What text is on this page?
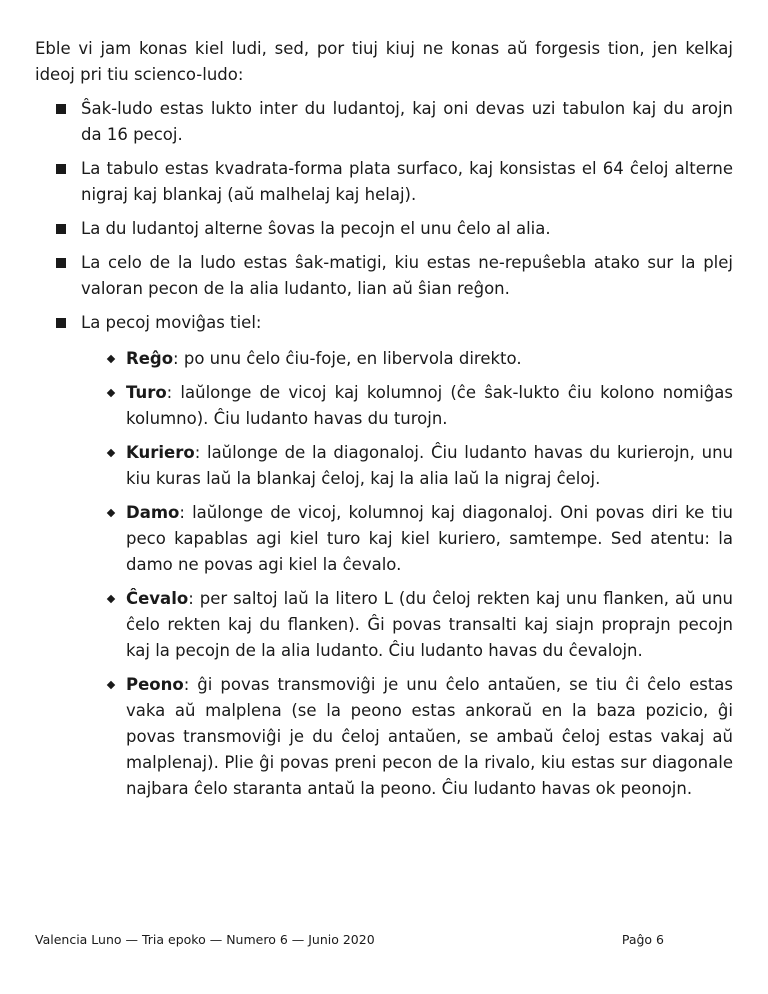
Eble vi jam konas kiel ludi, sed, por tiuj kiuj ne konas aŭ forgesis tion, jen kelkaj ideoj pri tiu scienco-ludo:

Ŝak-ludo estas lukto inter du ludantoj, kaj oni devas uzi tabulon kaj du arojn da 16 pecoj.
La tabulo estas kvadrata-forma plata surfaco, kaj konsistas el 64 ĉeloj alterne nigraj kaj blankaj (aŭ malhelaj kaj helaj).
La du ludantoj alterne ŝovas la pecojn el unu ĉelo al alia.
La celo de la ludo estas ŝak-matigi, kiu estas ne-repuŝebla atako sur la plej valoran pecon de la alia ludanto, lian aŭ ŝian reĝon.
La pecoj moviĝas tiel:
Reĝo: po unu ĉelo ĉiu-foje, en libervola direkto.
Turo: laŭlonge de vicoj kaj kolumnoj (ĉe ŝak-lukto ĉiu kolono nomiĝas kolumno). Ĉiu ludanto havas du turojn.
Kuriero: laŭlonge de la diagonaloj. Ĉiu ludanto havas du kurierojn, unu kiu kuras laŭ la blankaj ĉeloj, kaj la alia laŭ la nigraj ĉeloj.
Damo: laŭlonge de vicoj, kolumnoj kaj diagonaloj. Oni povas diri ke tiu peco kapablas agi kiel turo kaj kiel kuriero, samtempe. Sed atentu: la damo ne povas agi kiel la ĉevalo.
Ĉevalo: per saltoj laŭ la litero L (du ĉeloj rekten kaj unu flanken, aŭ unu ĉelo rekten kaj du flanken). Ĝi povas transalti kaj siajn proprajn pecojn kaj la pecojn de la alia ludanto. Ĉiu ludanto havas du ĉevalojn.
Peono: ĝi povas transmoviĝi je unu ĉelo antaŭen, se tiu ĉi ĉelo estas vaka aŭ malplena (se la peono estas ankoraŭ en la baza pozicio, ĝi povas transmoviĝi je du ĉeloj antaŭen, se ambaŭ ĉeloj estas vakaj aŭ malplenaj). Plie ĝi povas preni pecon de la rivalo, kiu estas sur diagonale najbara ĉelo staranta antaŭ la peono. Ĉiu ludanto havas ok peonojn.
Valencia Luno — Tria epoko — Numero 6 — Junio 2020	Paĝo 6
